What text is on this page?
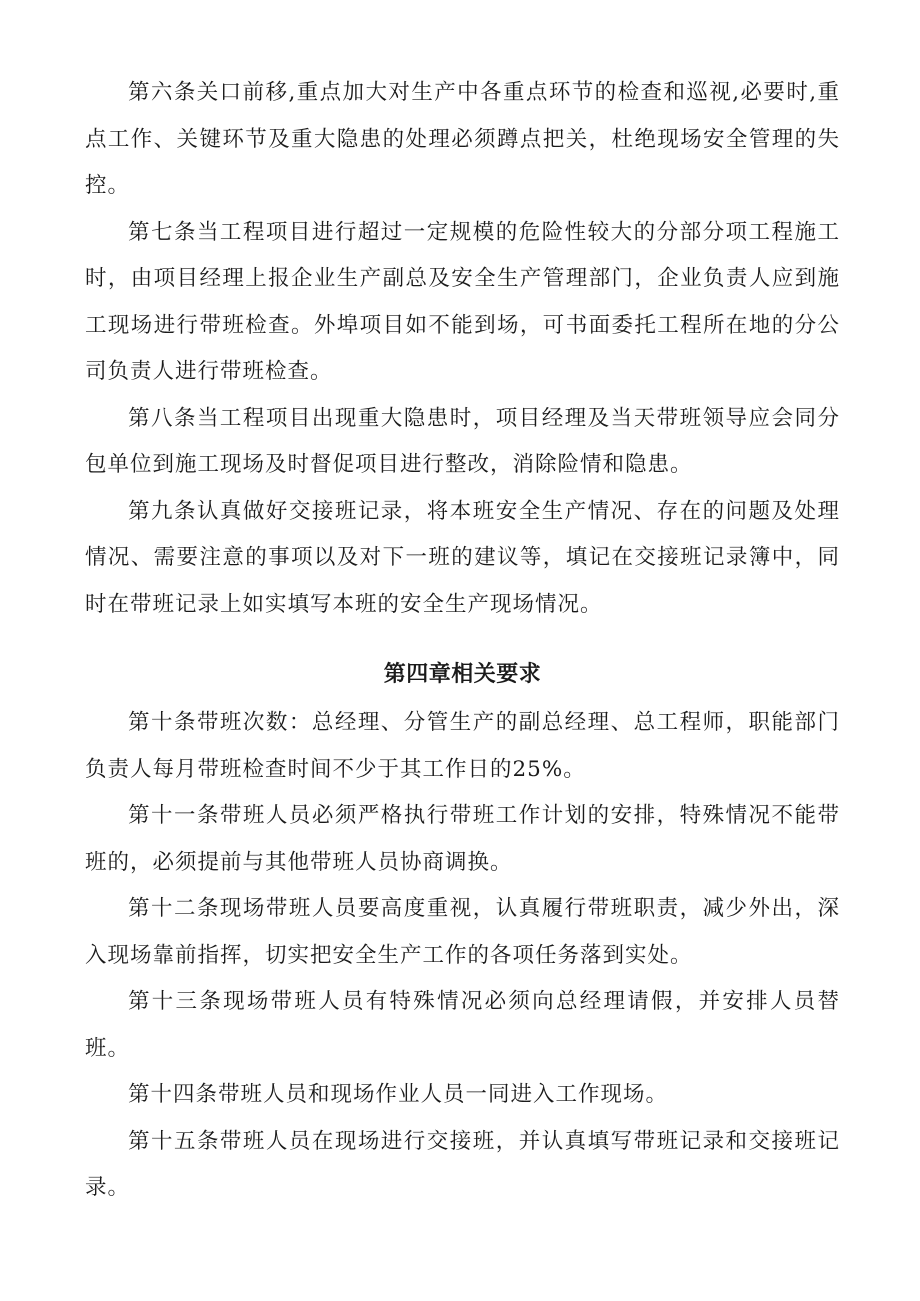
第六条关口前移,重点加大对生产中各重点环节的检查和巡视,必要时,重点工作、关键环节及重大隐患的处理必须蹲点把关，杜绝现场安全管理的失控。

第七条当工程项目进行超过一定规模的危险性较大的分部分项工程施工时，由项目经理上报企业生产副总及安全生产管理部门，企业负责人应到施工现场进行带班检查。外埠项目如不能到场，可书面委托工程所在地的分公司负责人进行带班检查。

第八条当工程项目出现重大隐患时，项目经理及当天带班领导应会同分包单位到施工现场及时督促项目进行整改，消除险情和隐患。

第九条认真做好交接班记录，将本班安全生产情况、存在的问题及处理情况、需要注意的事项以及对下一班的建议等，填记在交接班记录簿中，同时在带班记录上如实填写本班的安全生产现场情况。

第四章相关要求

第十条带班次数：总经理、分管生产的副总经理、总工程师，职能部门负责人每月带班检查时间不少于其工作日的25%。

第十一条带班人员必须严格执行带班工作计划的安排，特殊情况不能带班的，必须提前与其他带班人员协商调换。

第十二条现场带班人员要高度重视，认真履行带班职责，减少外出，深入现场靠前指挥，切实把安全生产工作的各项任务落到实处。

第十三条现场带班人员有特殊情况必须向总经理请假，并安排人员替班。

第十四条带班人员和现场作业人员一同进入工作现场。

第十五条带班人员在现场进行交接班，并认真填写带班记录和交接班记录。
